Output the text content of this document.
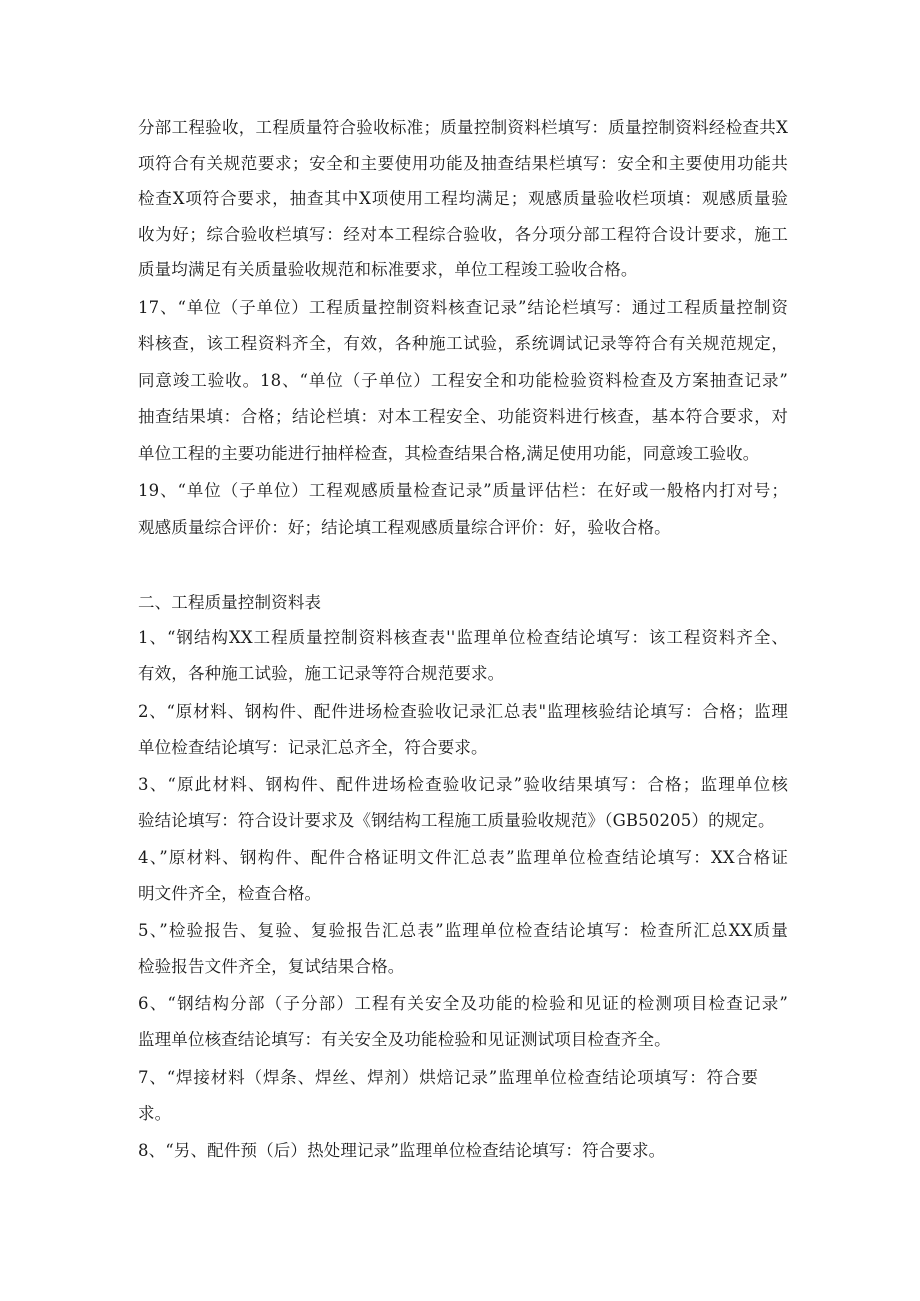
分部工程验收，工程质量符合验收标准；质量控制资料栏填写：质量控制资料经检查共X
项符合有关规范要求；安全和主要使用功能及抽查结果栏填写：安全和主要使用功能共
检查X项符合要求，抽查其中X项使用工程均满足；观感质量验收栏项填：观感质量验
收为好；综合验收栏填写：经对本工程综合验收，各分项分部工程符合设计要求，施工
质量均满足有关质量验收规范和标准要求，单位工程竣工验收合格。
17、“单位（子单位）工程质量控制资料核查记录”结论栏填写：通过工程质量控制资
料核查，该工程资料齐全，有效，各种施工试验，系统调试记录等符合有关规范规定，
同意竣工验收。18、“单位（子单位）工程安全和功能检验资料检查及方案抽查记录”
抽查结果填：合格；结论栏填：对本工程安全、功能资料进行核查，基本符合要求，对
单位工程的主要功能进行抽样检查，其检查结果合格,满足使用功能，同意竣工验收。
19、“单位（子单位）工程观感质量检查记录”质量评估栏：在好或一般格内打对号；
观感质量综合评价：好；结论填工程观感质量综合评价：好，验收合格。
二、工程质量控制资料表
1、“钢结构XX工程质量控制资料核查表''监理单位检查结论填写：该工程资料齐全、
有效，各种施工试验，施工记录等符合规范要求。
2、“原材料、钢构件、配件进场检查验收记录汇总表"监理核验结论填写：合格；监理
单位检查结论填写：记录汇总齐全，符合要求。
3、“原此材料、钢构件、配件进场检查验收记录”验收结果填写：合格；监理单位核
验结论填写：符合设计要求及《钢结构工程施工质量验收规范》（GB50205）的规定。
4、”原材料、钢构件、配件合格证明文件汇总表”监理单位检查结论填写：XX合格证
明文件齐全，检查合格。
5、”检验报告、复验、复验报告汇总表”监理单位检查结论填写：检查所汇总XX质量
检验报告文件齐全，复试结果合格。
6、“钢结构分部（子分部）工程有关安全及功能的检验和见证的检测项目检查记录”
监理单位核查结论填写：有关安全及功能检验和见证测试项目检查齐全。
7、“焊接材料（焊条、焊丝、焊剂）烘焙记录”监理单位检查结论项填写：符合要
求。
8、“另、配件预（后）热处理记录”监理单位检查结论填写：符合要求。
